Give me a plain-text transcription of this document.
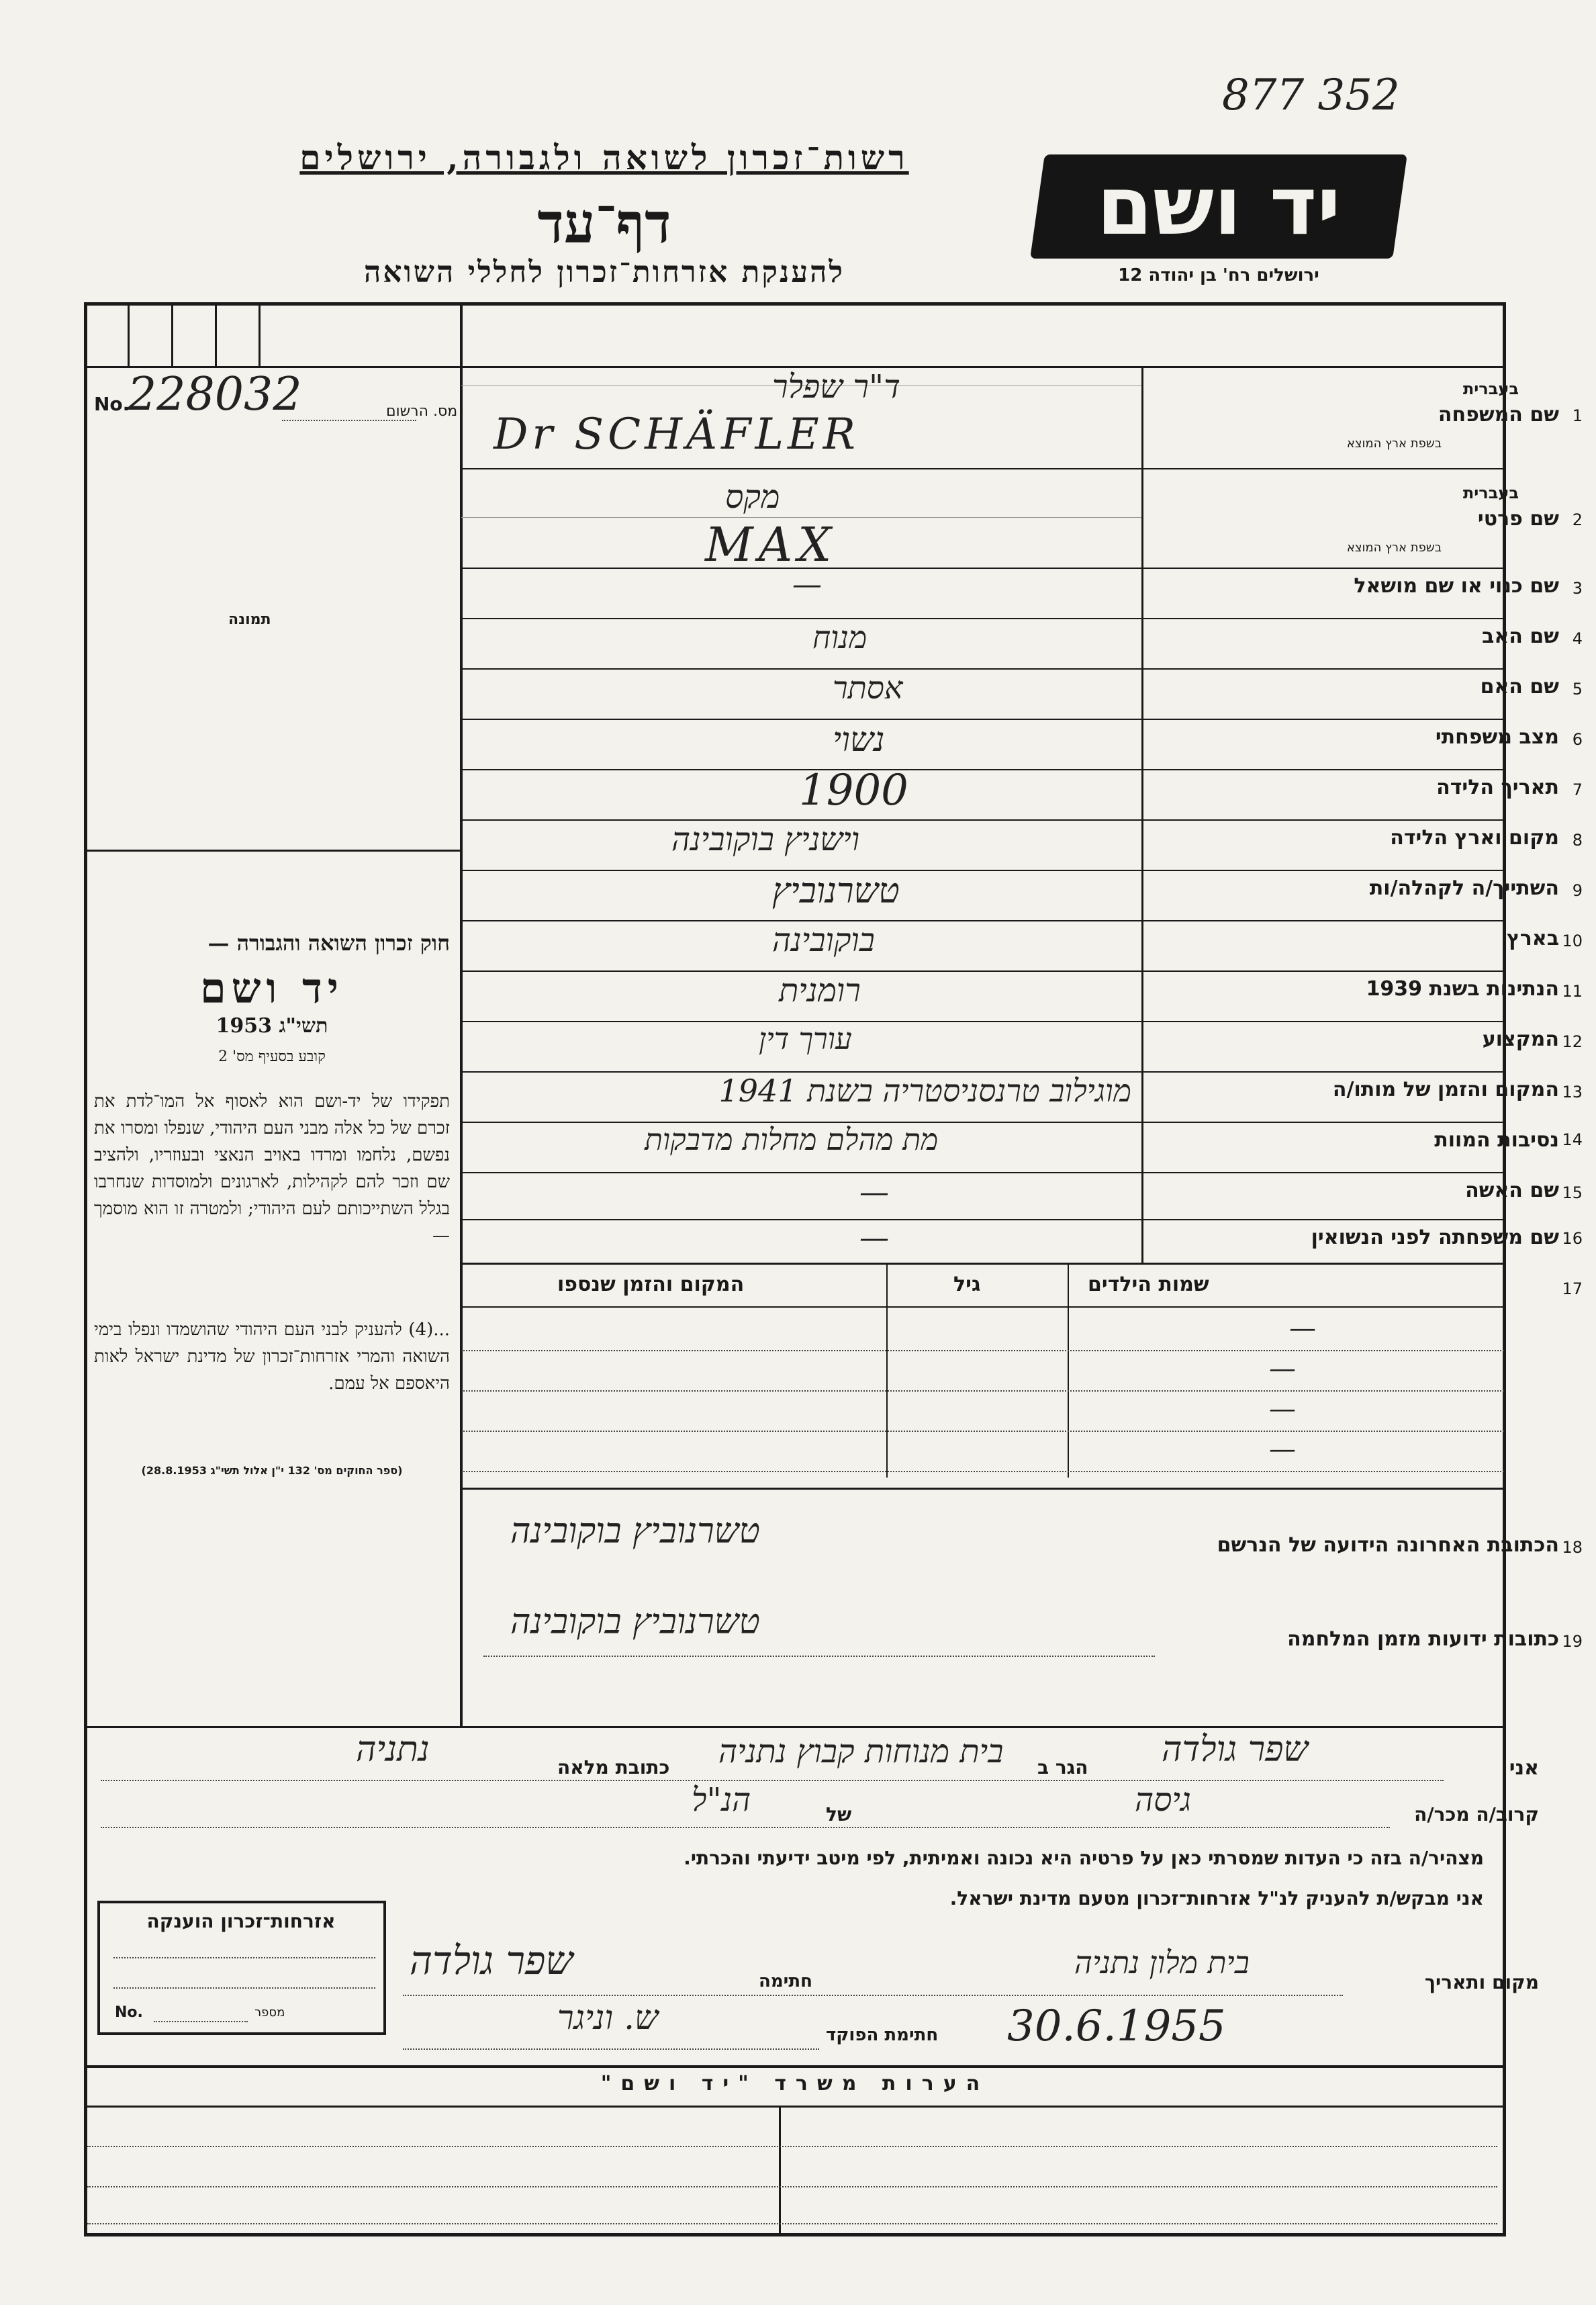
877 352
רשות־זכרון לשואה ולגבורה, ירושלים
דף־עד
להענקת אזרחות־זכרון לחללי השואה
יד ושם
ירושלים רח' בן יהודה 12
No.
228032	מס. הרשום
תמונה
חוק זכרון השואה והגבורה —
יד ושם
תשי"ג 1953
קובע בסעיף מס' 2
תפקידו של יד-ושם הוא לאסוף אל המו־לדת את זכרם של כל אלה מבני העם היהודי, שנפלו ומסרו את נפשם, נלחמו ומרדו באויב הנאצי ובעוזריו, ולהציב שם וזכר להם לקהילות, לארגונים ולמוסדות שנחרבו בגלל השתייכותם לעם היהודי; ולמטרה זו הוא מוסמך —
...(4) להעניק לבני העם היהודי שהושמדו ונפלו בימי השואה והמרי אזרחות־זכרון של מדינת ישראל לאות היאספם אל עמם.
(ספר החוקים מס' 132 י"ן אלול תשי"ג 28.8.1953)
1
שם המשפחה
בעברית
בשפת ארץ המוצא
ד"ר שפלר
Dr SCHÄFLER
2
שם פרטי
בעברית
בשפת ארץ המוצא
מקס
MAX
3
שם כנוי או שם מושאל
—
4
שם האב
מנוח
5
שם האם
אסתר
6
מצב משפחתי
נשוי
7
תאריך הלידה
1900
8
מקום וארץ הלידה
וישניץ בוקובינה
9
השתייך/ה לקהלה/ות
טשרנוביץ
10
בארץ
בוקובינה
11
הנתינות בשנת 1939
רומנית
12
המקצוע
עורך דין
13
המקום והזמן של מותו/ה
מוגילוב טרנסניסטריה בשנת 1941
14
נסיבות המוות
מת מהלם מחלות מדבקות
15
שם האשה
—
16
שם משפחתה לפני הנשואין
—
17
שמות הילדים
גיל
המקום והזמן שנספו
—
—
—
—
18
הכתובת האחרונה הידועה של הנרשם
טשרנוביץ בוקובינה
19
כתובות ידועות מזמן המלחמה
טשרנוביץ בוקובינה
אני
שפר גולדה
הגר ב
בית מנוחות קבוץ נתניה
כתובת מלאה
נתניה
קרוב/ה מכר/ה
גיסה
של
הנ"ל
מצהיר/ה בזה כי העדות שמסרתי כאן על פרטיה היא נכונה ואמיתית, לפי מיטב ידיעתי והכרתי.
אני מבקש/ת להעניק לנ"ל אזרחות־זכרון מטעם מדינת ישראל.
אזרחות־זכרון הוענקה
No.	מספר
מקום ותאריך
בית מלון נתניה
חתימה
שפר גולדה
30.6.1955
חתימת הפוקד
ש. וניגר
הערות משרד "יד ושם"
